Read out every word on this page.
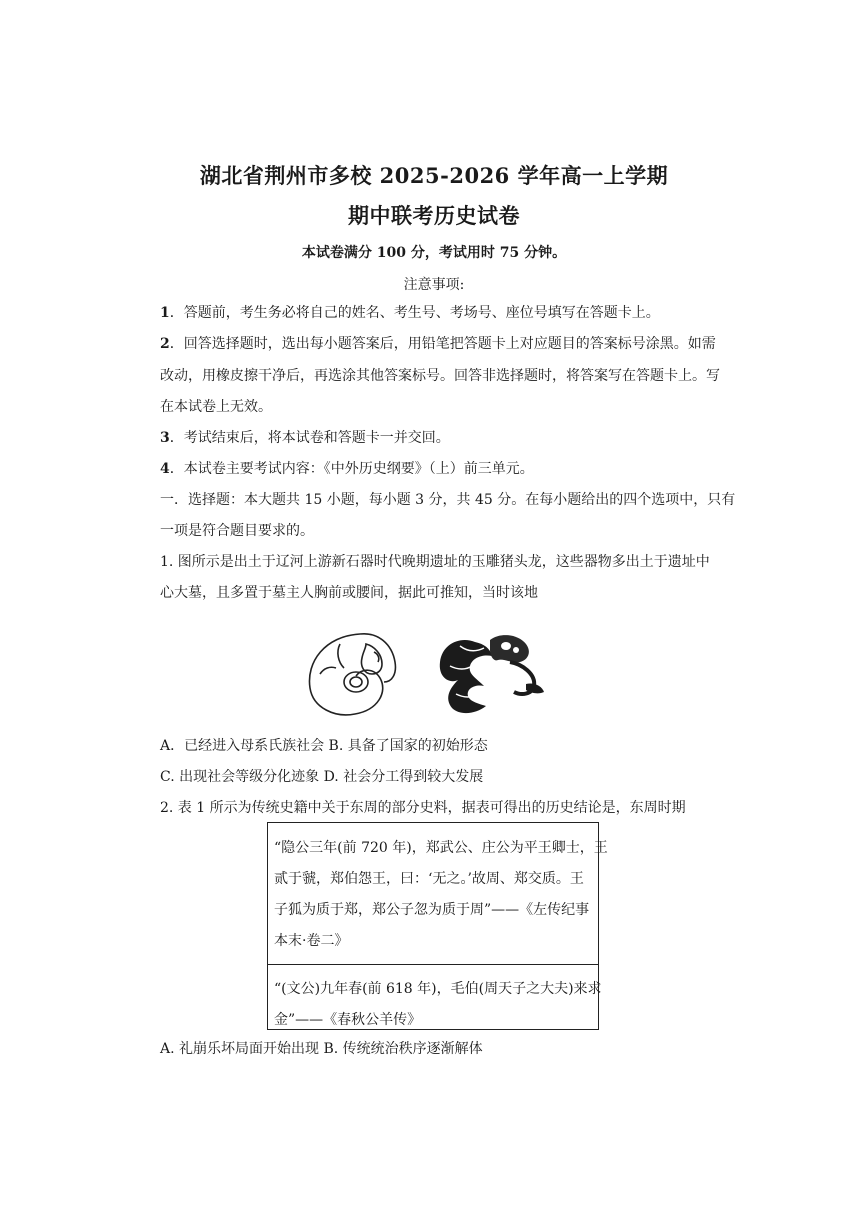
湖北省荆州市多校 2025-2026 学年高一上学期
期中联考历史试卷
本试卷满分 100 分，考试用时 75 分钟。
注意事项:
1．答题前，考生务必将自己的姓名、考生号、考场号、座位号填写在答题卡上。
2．回答选择题时，选出每小题答案后，用铅笔把答题卡上对应题目的答案标号涂黑。如需
改动，用橡皮擦干净后，再选涂其他答案标号。回答非选择题时，将答案写在答题卡上。写
在本试卷上无效。
3．考试结束后，将本试卷和答题卡一并交回。
4．本试卷主要考试内容：《中外历史纲要》（上）前三单元。
一．选择题：本大题共 15 小题，每小题 3 分，共 45 分。在每小题给出的四个选项中，只有
一项是符合题目要求的。
1. 图所示是出土于辽河上游新石器时代晚期遗址的玉雕猪头龙，这些器物多出土于遗址中
心大墓，且多置于墓主人胸前或腰间，据此可推知，当时该地
A．已经进入母系氏族社会 B. 具备了国家的初始形态
C. 出现社会等级分化迹象 D. 社会分工得到较大发展
2. 表 1 所示为传统史籍中关于东周的部分史料，据表可得出的历史结论是，东周时期

“隐公三年(前 720 年)，郑武公、庄公为平王卿士，王

贰于虢，郑伯怨王，曰：‘无之。’故周、郑交质。王

子狐为质于郑，郑公子忽为质于周”——《左传纪事

本末·卷二》

“(文公)九年春(前 618 年)，毛伯(周天子之大夫)来求

金”——《春秋公羊传》

A. 礼崩乐坏局面开始出现 B. 传统统治秩序逐渐解体
